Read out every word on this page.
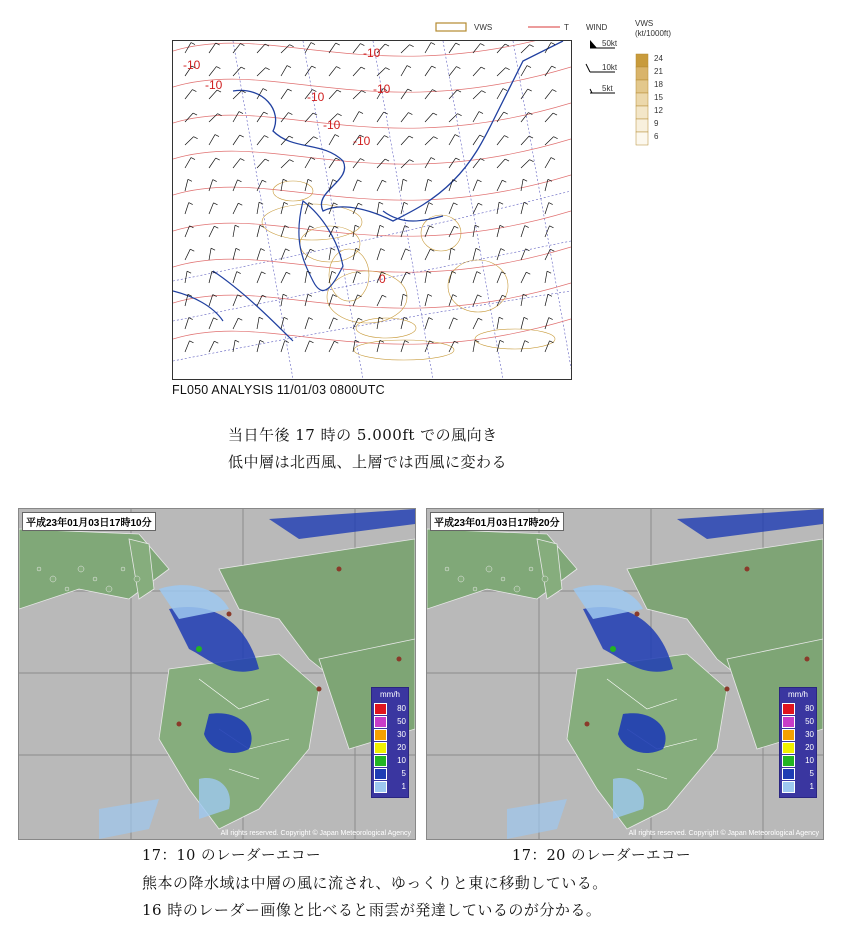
VWS	T WIND	VWS
(kt/1000ft)
50kt
10kt
5kt
24
21
18
15
12
9
6
-10
-10
-10
-10
-10
-10
-10
0
FL050 ANALYSIS 11/01/03 0800UTC
当日午後 17 時の 5.000ft での風向き
低中層は北西風、上層では西風に変わる
平成23年01月03日17時10分
mm/h
80
50
30
20
10
5
1
All rights reserved. Copyright © Japan Meteorological Agency
17：10 のレーダーエコー
平成23年01月03日17時20分
mm/h
80
50
30
20
10
5
1
All rights reserved. Copyright © Japan Meteorological Agency
17：20 のレーダーエコー
熊本の降水域は中層の風に流され、ゆっくりと東に移動している。
16 時のレーダー画像と比べると雨雲が発達しているのが分かる。
